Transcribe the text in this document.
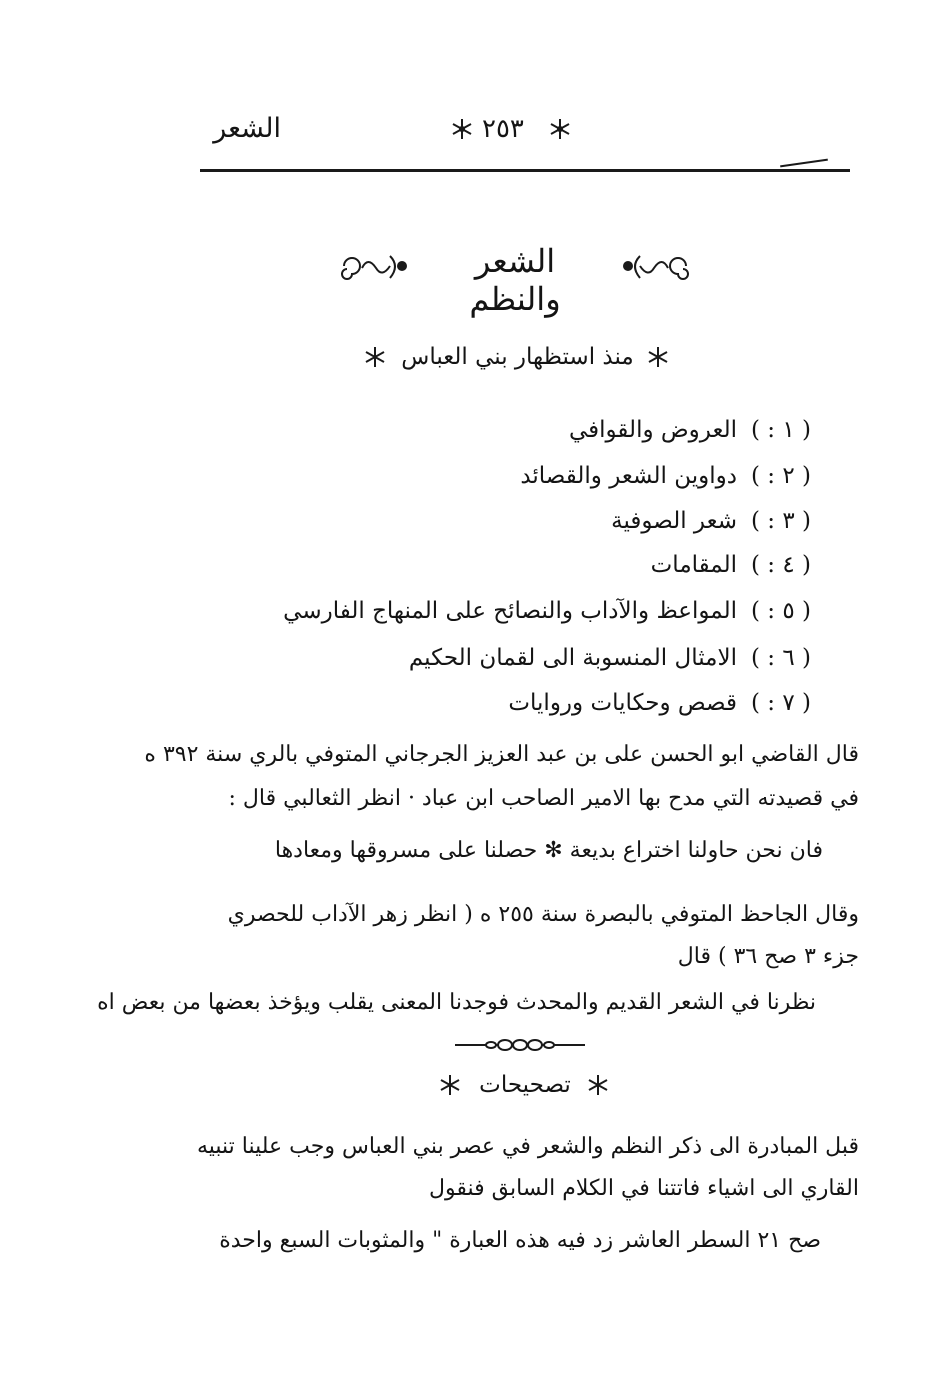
الشعر	٢٥٣
الشعر والنظم
منذ استظهار بني العباس
( ١ : )العروض والقوافي
( ٢ : )دواوين الشعر والقصائد
( ٣ : )شعر الصوفية
( ٤ : )المقامات
( ٥ : )المواعظ والآداب والنصائح على المنهاج الفارسي
( ٦ : )الامثال المنسوبة الى لقمان الحكيم
( ٧ : )قصص وحكايات وروايات
قال القاضي ابو الحسن على بن عبد العزيز الجرجاني المتوفي بالري سنة ٣٩٢ ه
في قصيدته التي مدح بها الامير الصاحب ابن عباد · انظر الثعالبي قال :
فان نحن حاولنا اختراع بديعة ✻ حصلنا على مسروقها ومعادها
وقال الجاحظ المتوفي بالبصرة سنة ٢٥٥ ه ( انظر زهر الآداب للحصري
جزء ٣ صح ٣٦ ) قال
نظرنا في الشعر القديم والمحدث فوجدنا المعنى يقلب ويؤخذ بعضها من بعض اه
تصحيحات
قبل المبادرة الى ذكر النظم والشعر في عصر بني العباس وجب علينا تنبيه
القاري الى اشياء فاتتنا في الكلام السابق فنقول
صح ٢١ السطر العاشر زد فيه هذه العبارة " والمثوبات السبع واحدة
